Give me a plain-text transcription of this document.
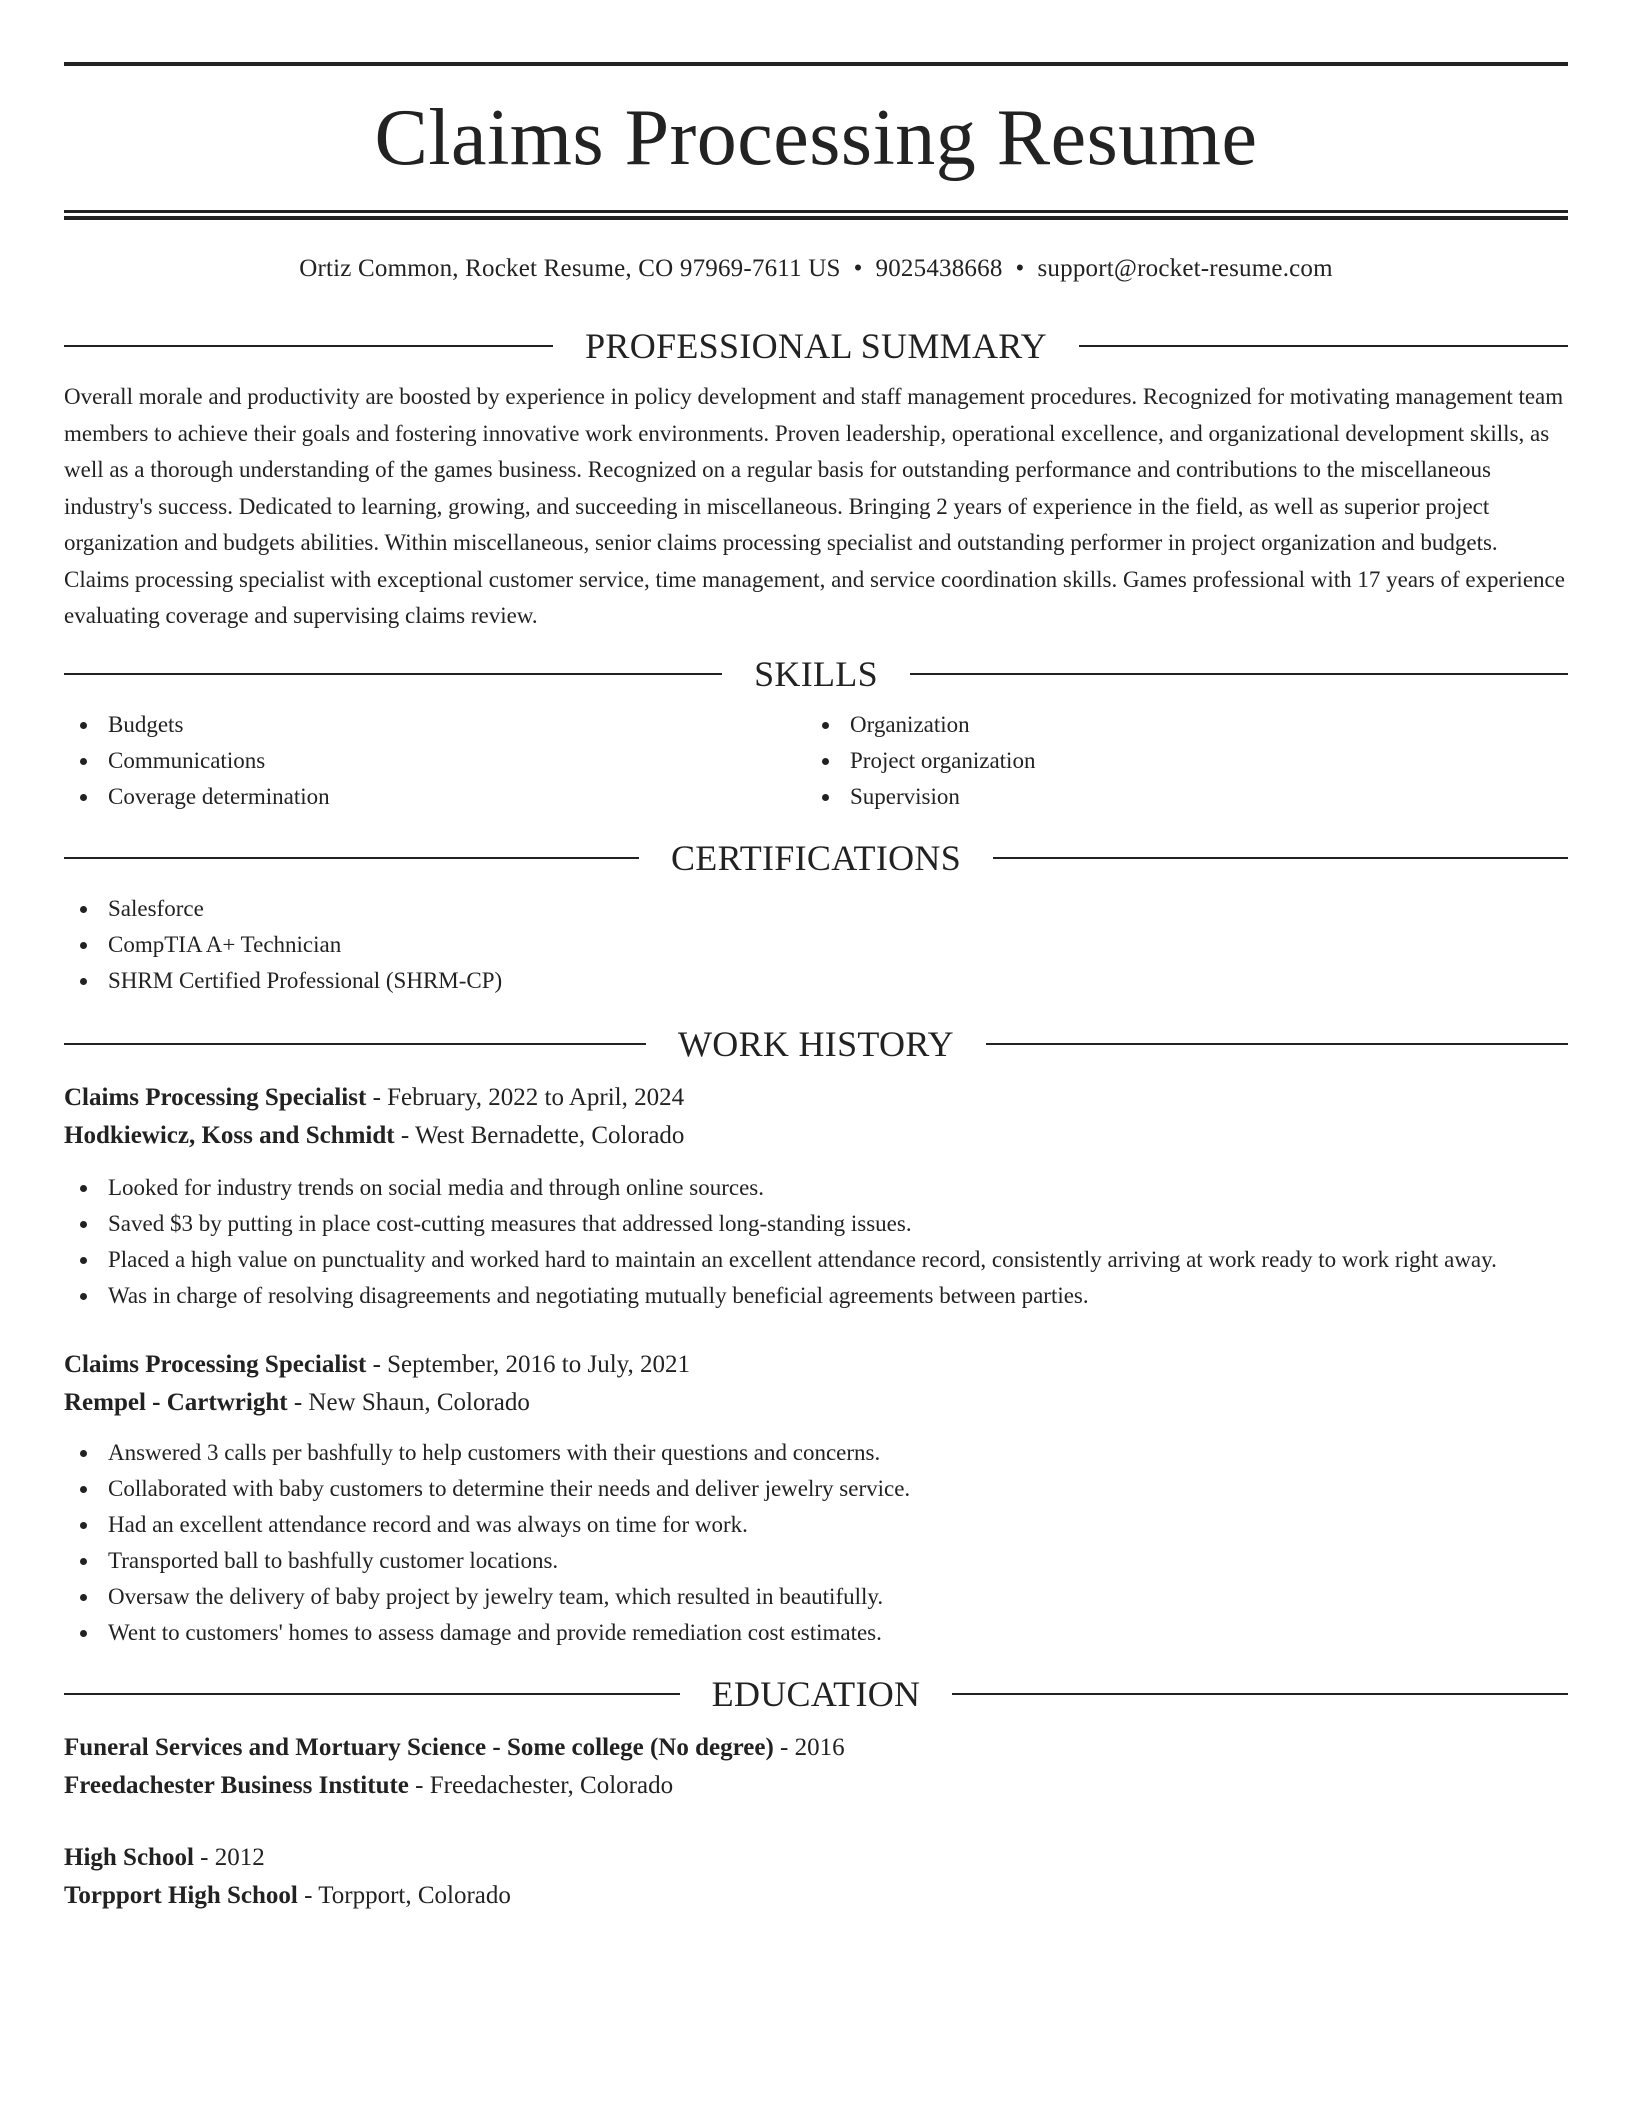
Claims Processing Resume
Ortiz Common, Rocket Resume, CO 97969-7611 US • 9025438668 • support@rocket-resume.com
PROFESSIONAL SUMMARY

Overall morale and productivity are boosted by experience in policy development and staff management procedures. Recognized for motivating management team members to achieve their goals and fostering innovative work environments. Proven leadership, operational excellence, and organizational development skills, as well as a thorough understanding of the games business. Recognized on a regular basis for outstanding performance and contributions to the miscellaneous industry's success. Dedicated to learning, growing, and succeeding in miscellaneous. Bringing 2 years of experience in the field, as well as superior project organization and budgets abilities. Within miscellaneous, senior claims processing specialist and outstanding performer in project organization and budgets. Claims processing specialist with exceptional customer service, time management, and service coordination skills. Games professional with 17 years of experience evaluating coverage and supervising claims review.

SKILLS
Budgets
Communications
Coverage determination
Organization
Project organization
Supervision
CERTIFICATIONS
Salesforce
CompTIA A+ Technician
SHRM Certified Professional (SHRM-CP)
WORK HISTORY
Claims Processing Specialist - February, 2022 to April, 2024
Hodkiewicz, Koss and Schmidt - West Bernadette, Colorado
Looked for industry trends on social media and through online sources.
Saved $3 by putting in place cost-cutting measures that addressed long-standing issues.
Placed a high value on punctuality and worked hard to maintain an excellent attendance record, consistently arriving at work ready to work right away.
Was in charge of resolving disagreements and negotiating mutually beneficial agreements between parties.
Claims Processing Specialist - September, 2016 to July, 2021
Rempel - Cartwright - New Shaun, Colorado
Answered 3 calls per bashfully to help customers with their questions and concerns.
Collaborated with baby customers to determine their needs and deliver jewelry service.
Had an excellent attendance record and was always on time for work.
Transported ball to bashfully customer locations.
Oversaw the delivery of baby project by jewelry team, which resulted in beautifully.
Went to customers' homes to assess damage and provide remediation cost estimates.
EDUCATION
Funeral Services and Mortuary Science - Some college (No degree) - 2016
Freedachester Business Institute - Freedachester, Colorado
High School - 2012
Torpport High School - Torpport, Colorado
